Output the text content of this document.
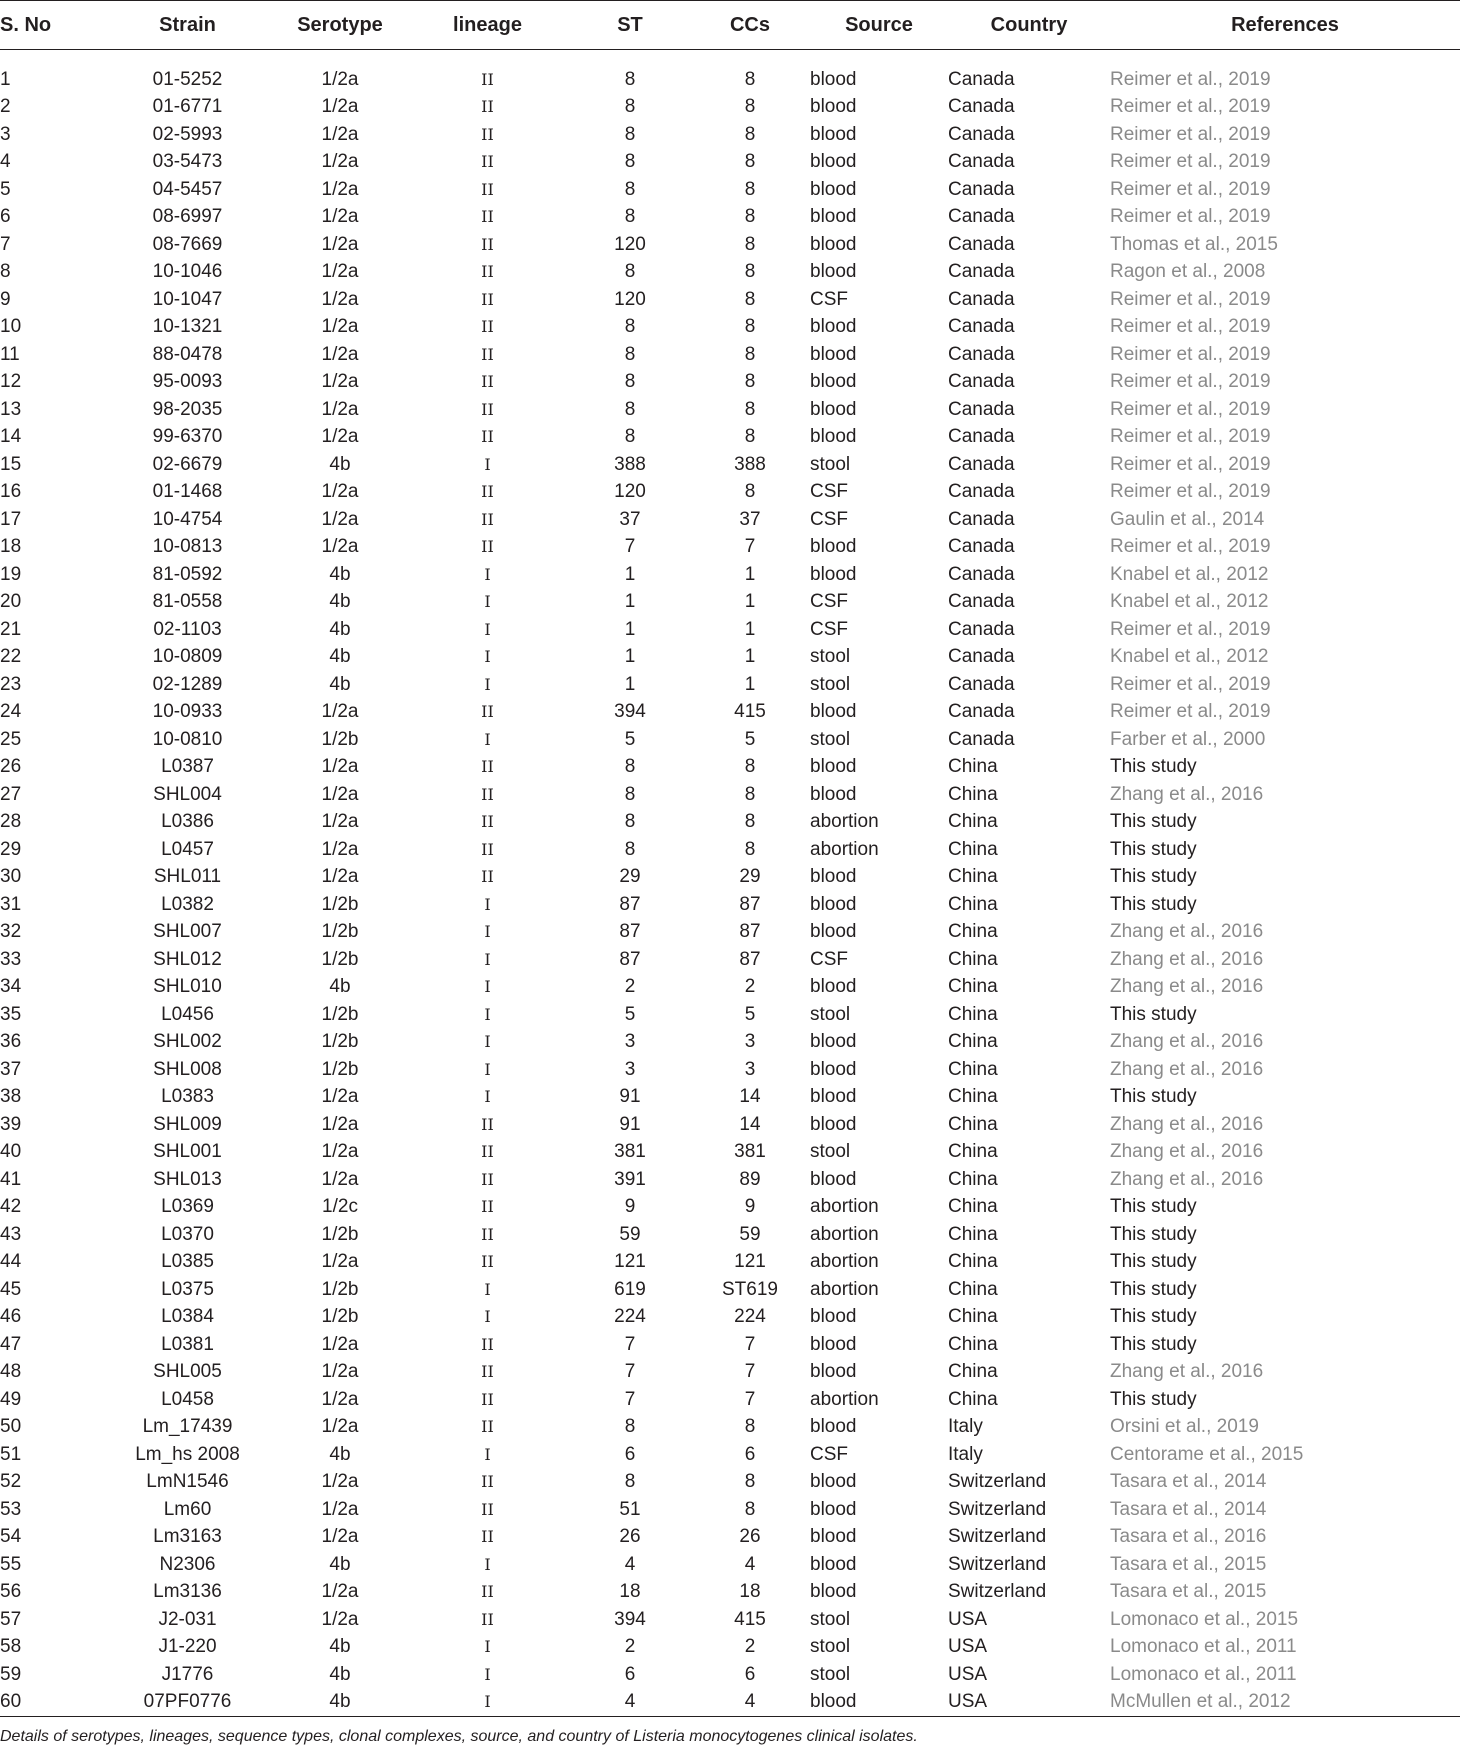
S. No	Strain	Serotype	lineage	ST	CCs	Source	Country	References

1	01-5252	1/2a	II	8	8	blood	Canada	Reimer et al., 2019
2	01-6771	1/2a	II	8	8	blood	Canada	Reimer et al., 2019
3	02-5993	1/2a	II	8	8	blood	Canada	Reimer et al., 2019
4	03-5473	1/2a	II	8	8	blood	Canada	Reimer et al., 2019
5	04-5457	1/2a	II	8	8	blood	Canada	Reimer et al., 2019
6	08-6997	1/2a	II	8	8	blood	Canada	Reimer et al., 2019
7	08-7669	1/2a	II	120	8	blood	Canada	Thomas et al., 2015
8	10-1046	1/2a	II	8	8	blood	Canada	Ragon et al., 2008
9	10-1047	1/2a	II	120	8	CSF	Canada	Reimer et al., 2019
10	10-1321	1/2a	II	8	8	blood	Canada	Reimer et al., 2019
11	88-0478	1/2a	II	8	8	blood	Canada	Reimer et al., 2019
12	95-0093	1/2a	II	8	8	blood	Canada	Reimer et al., 2019
13	98-2035	1/2a	II	8	8	blood	Canada	Reimer et al., 2019
14	99-6370	1/2a	II	8	8	blood	Canada	Reimer et al., 2019
15	02-6679	4b	I	388	388	stool	Canada	Reimer et al., 2019
16	01-1468	1/2a	II	120	8	CSF	Canada	Reimer et al., 2019
17	10-4754	1/2a	II	37	37	CSF	Canada	Gaulin et al., 2014
18	10-0813	1/2a	II	7	7	blood	Canada	Reimer et al., 2019
19	81-0592	4b	I	1	1	blood	Canada	Knabel et al., 2012
20	81-0558	4b	I	1	1	CSF	Canada	Knabel et al., 2012
21	02-1103	4b	I	1	1	CSF	Canada	Reimer et al., 2019
22	10-0809	4b	I	1	1	stool	Canada	Knabel et al., 2012
23	02-1289	4b	I	1	1	stool	Canada	Reimer et al., 2019
24	10-0933	1/2a	II	394	415	blood	Canada	Reimer et al., 2019
25	10-0810	1/2b	I	5	5	stool	Canada	Farber et al., 2000
26	L0387	1/2a	II	8	8	blood	China	This study
27	SHL004	1/2a	II	8	8	blood	China	Zhang et al., 2016
28	L0386	1/2a	II	8	8	abortion	China	This study
29	L0457	1/2a	II	8	8	abortion	China	This study
30	SHL011	1/2a	II	29	29	blood	China	This study
31	L0382	1/2b	I	87	87	blood	China	This study
32	SHL007	1/2b	I	87	87	blood	China	Zhang et al., 2016
33	SHL012	1/2b	I	87	87	CSF	China	Zhang et al., 2016
34	SHL010	4b	I	2	2	blood	China	Zhang et al., 2016
35	L0456	1/2b	I	5	5	stool	China	This study
36	SHL002	1/2b	I	3	3	blood	China	Zhang et al., 2016
37	SHL008	1/2b	I	3	3	blood	China	Zhang et al., 2016
38	L0383	1/2a	I	91	14	blood	China	This study
39	SHL009	1/2a	II	91	14	blood	China	Zhang et al., 2016
40	SHL001	1/2a	II	381	381	stool	China	Zhang et al., 2016
41	SHL013	1/2a	II	391	89	blood	China	Zhang et al., 2016
42	L0369	1/2c	II	9	9	abortion	China	This study
43	L0370	1/2b	II	59	59	abortion	China	This study
44	L0385	1/2a	II	121	121	abortion	China	This study
45	L0375	1/2b	I	619	ST619	abortion	China	This study
46	L0384	1/2b	I	224	224	blood	China	This study
47	L0381	1/2a	II	7	7	blood	China	This study
48	SHL005	1/2a	II	7	7	blood	China	Zhang et al., 2016
49	L0458	1/2a	II	7	7	abortion	China	This study
50	Lm_17439	1/2a	II	8	8	blood	Italy	Orsini et al., 2019
51	Lm_hs 2008	4b	I	6	6	CSF	Italy	Centorame et al., 2015
52	LmN1546	1/2a	II	8	8	blood	Switzerland	Tasara et al., 2014
53	Lm60	1/2a	II	51	8	blood	Switzerland	Tasara et al., 2014
54	Lm3163	1/2a	II	26	26	blood	Switzerland	Tasara et al., 2016
55	N2306	4b	I	4	4	blood	Switzerland	Tasara et al., 2015
56	Lm3136	1/2a	II	18	18	blood	Switzerland	Tasara et al., 2015
57	J2-031	1/2a	II	394	415	stool	USA	Lomonaco et al., 2015
58	J1-220	4b	I	2	2	stool	USA	Lomonaco et al., 2011
59	J1776	4b	I	6	6	stool	USA	Lomonaco et al., 2011
60	07PF0776	4b	I	4	4	blood	USA	McMullen et al., 2012
Details of serotypes, lineages, sequence types, clonal complexes, source, and country of Listeria monocytogenes clinical isolates.
